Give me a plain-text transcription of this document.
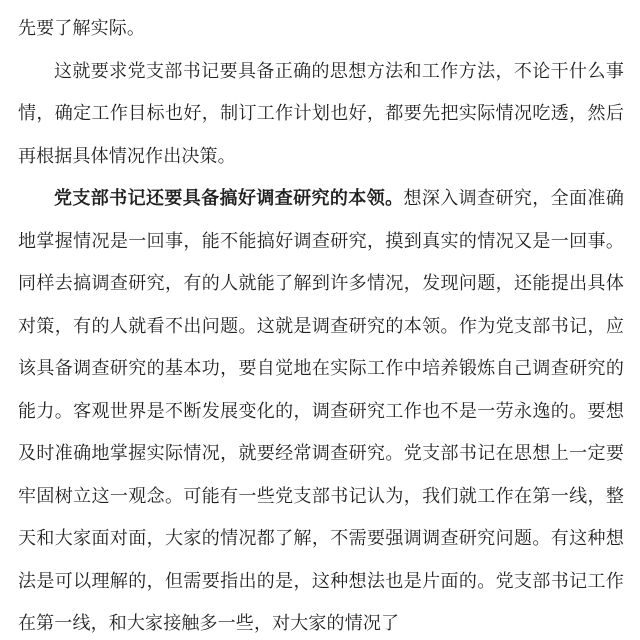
先要了解实际。

这就要求党支部书记要具备正确的思想方法和工作方法，不论干什么事情，确定工作目标也好，制订工作计划也好，都要先把实际情况吃透，然后再根据具体情况作出决策。

党支部书记还要具备搞好调查研究的本领。想深入调查研究，全面准确地掌握情况是一回事，能不能搞好调查研究，摸到真实的情况又是一回事。同样去搞调查研究，有的人就能了解到许多情况，发现问题，还能提出具体对策，有的人就看不出问题。这就是调查研究的本领。作为党支部书记，应该具备调查研究的基本功，要自觉地在实际工作中培养锻炼自己调查研究的能力。客观世界是不断发展变化的，调查研究工作也不是一劳永逸的。要想及时准确地掌握实际情况，就要经常调查研究。党支部书记在思想上一定要牢固树立这一观念。可能有一些党支部书记认为，我们就工作在第一线，整天和大家面对面，大家的情况都了解，不需要强调调查研究问题。有这种想法是可以理解的，但需要指出的是，这种想法也是片面的。党支部书记工作在第一线，和大家接触多一些，对大家的情况了
